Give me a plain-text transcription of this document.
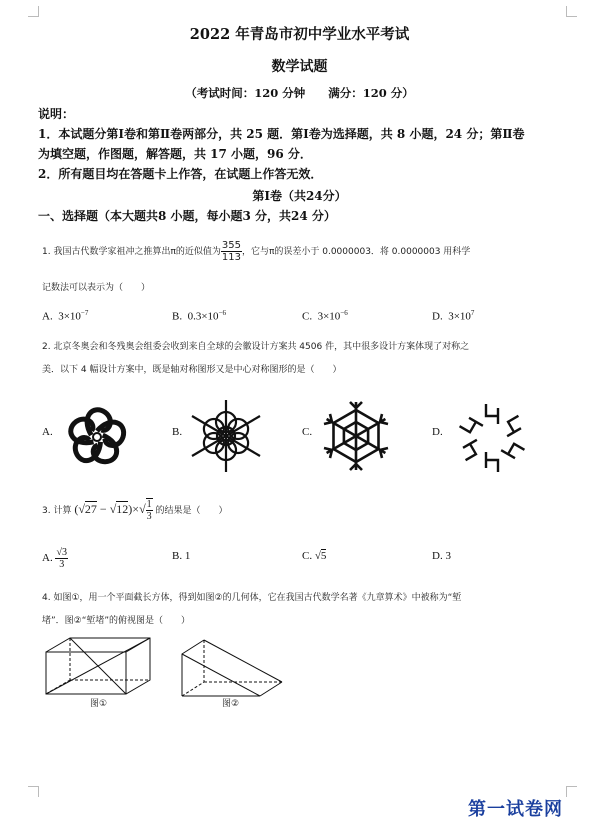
2022 年青岛市初中学业水平考试
数学试题
（考试时间：120 分钟　　满分：120 分）
说明：
1．本试题分第Ⅰ卷和第Ⅱ卷两部分，共 25 题．第Ⅰ卷为选择题，共 8 小题，24 分；第Ⅱ卷
为填空题，作图题，解答题，共 17 小题，96 分．
2．所有题目均在答题卡上作答，在试题上作答无效．
第Ⅰ卷（共24分）
一、选择题（本大题共8 小题，每小题3 分，共24 分）
1. 我国古代数学家祖冲之推算出π的近似值为 $\frac{355}{113}$ ，它与π的误差小于 0.0000003．将 0.0000003 用科学
记数法可以表示为（　　）
A. $3\times 10^{-7}$	B. $0.3\times 10^{-6}$	C. $3\times 10^{-6}$	D. $3\times 10^7$
2. 北京冬奥会和冬残奥会组委会收到来自全球的会徽设计方案共 4506 件，其中很多设计方案体现了对称之
美．以下 4 幅设计方案中，既是轴对称图形又是中心对称图形的是（　　）
A.	B.	C.	D.
3. 计算 $(√27 - √12)\times√ \frac{1}{3}$ 的结果是（　　）
A. $\frac{√3}{3}$	B. 1	C. √5	D. 3
4. 如图①，用一个平面截长方体，得到如图②的几何体，它在我国古代数学名著《九章算术》中被称为“堑
堵”．图②“堑堵”的俯视图是（　　）
图①	图②
第一试卷网
